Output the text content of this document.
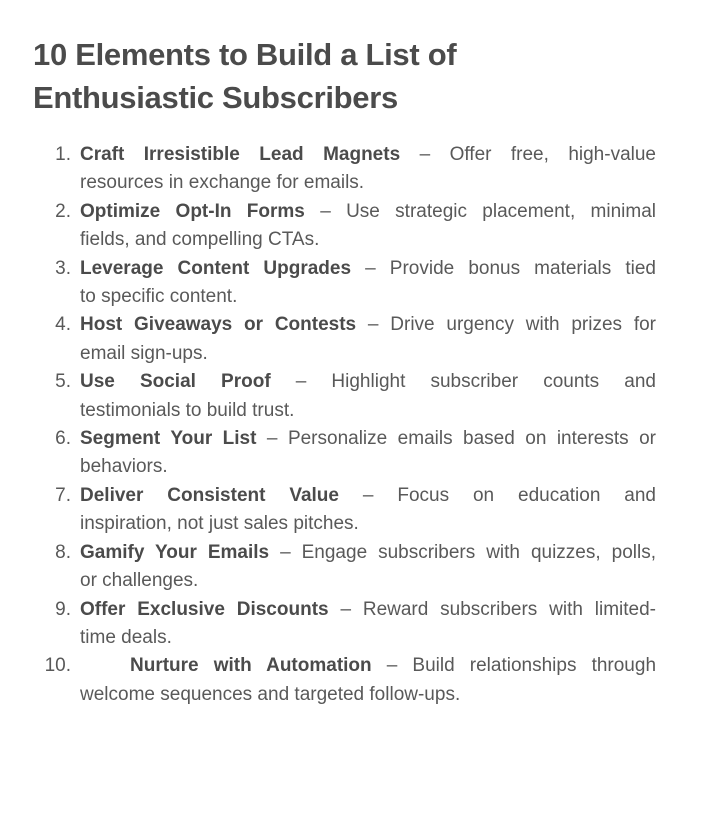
10 Elements to Build a List of
Enthusiastic Subscribers
1. Craft Irresistible Lead Magnets – Offer free, high-value
resources in exchange for emails.
2. Optimize Opt-In Forms – Use strategic placement, minimal
fields, and compelling CTAs.
3. Leverage Content Upgrades – Provide bonus materials tied
to specific content.
4. Host Giveaways or Contests – Drive urgency with prizes for
email sign-ups.
5. Use Social Proof – Highlight subscriber counts and
testimonials to build trust.
6. Segment Your List – Personalize emails based on interests or
behaviors.
7. Deliver Consistent Value – Focus on education and
inspiration, not just sales pitches.
8. Gamify Your Emails – Engage subscribers with quizzes, polls,
or challenges.
9. Offer Exclusive Discounts – Reward subscribers with limited-
time deals.
10.	Nurture with Automation – Build relationships through
welcome sequences and targeted follow-ups.
